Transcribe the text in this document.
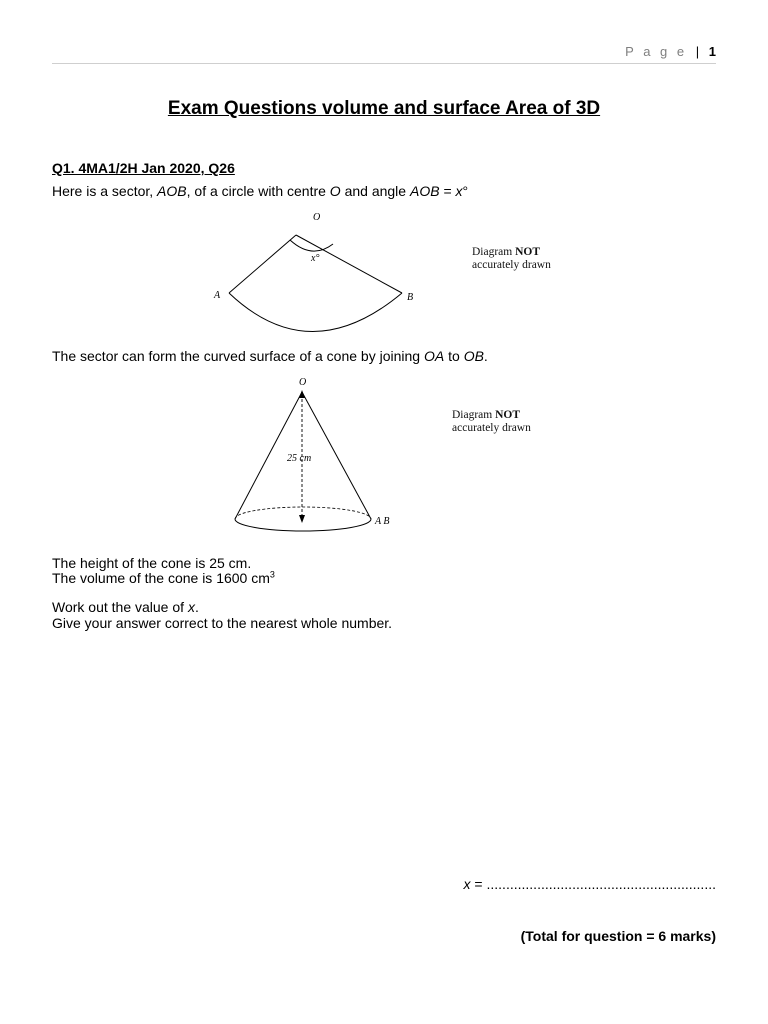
P a g e | 1
Exam Questions volume and surface Area of 3D
Q1. 4MA1/2H Jan 2020, Q26
Here is a sector, AOB, of a circle with centre O and angle AOB = x°
O
A	B
x°
Diagram NOT
accurately drawn
The sector can form the curved surface of a cone by joining OA to OB.
O
25 cm
A B
Diagram NOT
accurately drawn
The height of the cone is 25 cm.
The volume of the cone is 1600 $cm^3$
Work out the value of x.
Give your answer correct to the nearest whole number.
x = ...........................................................
(Total for question = 6 marks)
